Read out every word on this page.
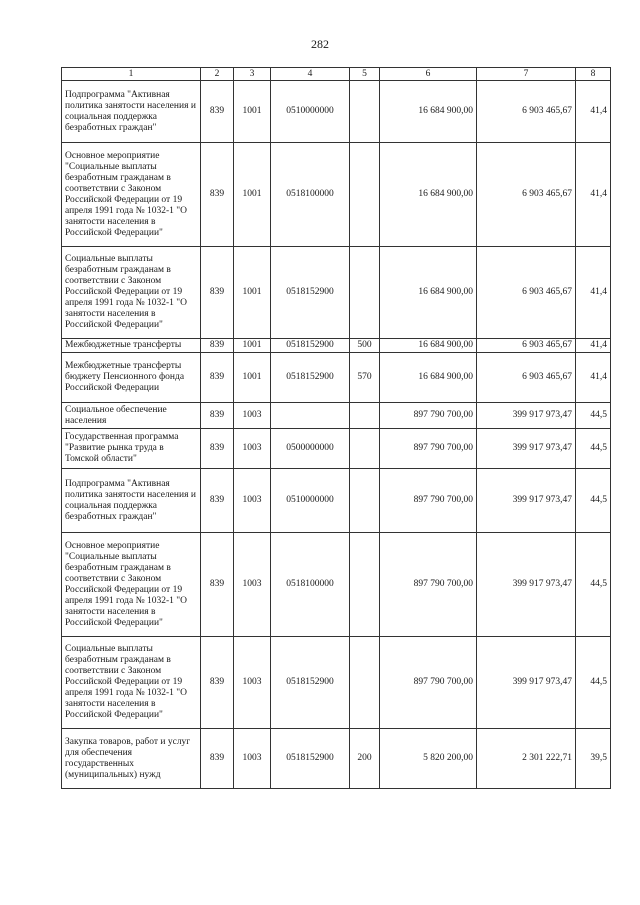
282
1	2	3	4	5	6	7	8
Подпрограмма "Активная политика занятости населения и социальная поддержка безработных граждан"	839	1001	0510000000		16 684 900,00	6 903 465,67	41,4
Основное мероприятие "Социальные выплаты безработным гражданам в соответствии с Законом Российской Федерации от 19 апреля 1991 года № 1032-1 "О занятости населения в Российской Федерации"	839	1001	0518100000		16 684 900,00	6 903 465,67	41,4
Социальные выплаты безработным гражданам в соответствии с Законом Российской Федерации от 19 апреля 1991 года № 1032-1 "О занятости населения в Российской Федерации"	839	1001	0518152900		16 684 900,00	6 903 465,67	41,4
Межбюджетные трансферты	839	1001	0518152900	500	16 684 900,00	6 903 465,67	41,4
Межбюджетные трансферты бюджету Пенсионного фонда Российской Федерации	839	1001	0518152900	570	16 684 900,00	6 903 465,67	41,4
Социальное обеспечение населения	839	1003			897 790 700,00	399 917 973,47	44,5
Государственная программа "Развитие рынка труда в Томской области"	839	1003	0500000000		897 790 700,00	399 917 973,47	44,5
Подпрограмма "Активная политика занятости населения и социальная поддержка безработных граждан"	839	1003	0510000000		897 790 700,00	399 917 973,47	44,5
Основное мероприятие "Социальные выплаты безработным гражданам в соответствии с Законом Российской Федерации от 19 апреля 1991 года № 1032-1 "О занятости населения в Российской Федерации"	839	1003	0518100000		897 790 700,00	399 917 973,47	44,5
Социальные выплаты безработным гражданам в соответствии с Законом Российской Федерации от 19 апреля 1991 года № 1032-1 "О занятости населения в Российской Федерации"	839	1003	0518152900		897 790 700,00	399 917 973,47	44,5
Закупка товаров, работ и услуг для обеспечения государственных (муниципальных) нужд	839	1003	0518152900	200	5 820 200,00	2 301 222,71	39,5
